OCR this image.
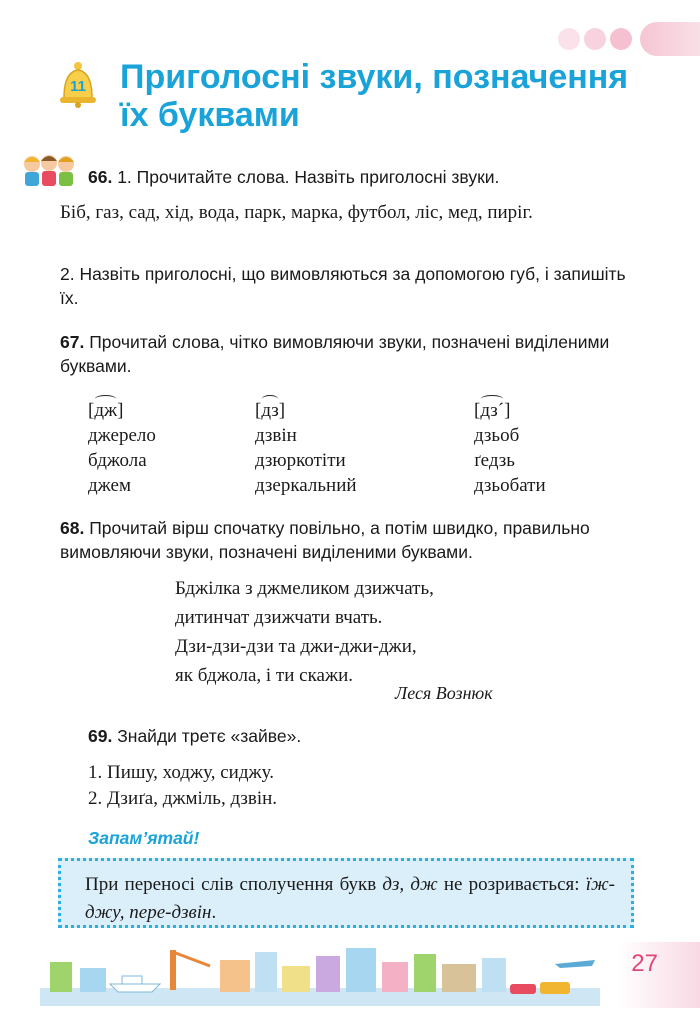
11 Приголосні звуки, позначення
їх буквами
66. 1. Прочитайте слова. Назвіть приголосні звуки.
Біб, газ, сад, хід, вода, парк, марка, футбол, ліс, мед, пиріг.
2. Назвіть приголосні, що вимовляються за допомогою губ, і запишіть їх.
67. Прочитай слова, чітко вимовляючи звуки, позначені виділеними буквами.
[дж]
джерело
бджола
джем
[дз]
дзвін
дзюркотіти
дзеркальний
[дз´]
дзьоб
ґедзь
дзьобати
68. Прочитай вірш спочатку повільно, а потім швидко, правильно вимовляючи звуки, позначені виділеними буквами.
Бджілка з джмеликом дзижчать,
дитинчат дзижчати вчать.
Дзи-дзи-дзи та джи-джи-джи,
як бджола, і ти скажи.
Леся Вознюк
69. Знайди третє «зайве».
1. Пишу, ходжу, сиджу.
2. Дзиґа, джміль, дзвін.
Запам’ятай!
При переносі слів сполучення букв дз, дж не розривається: їж-джу, пере-дзвін.
27
